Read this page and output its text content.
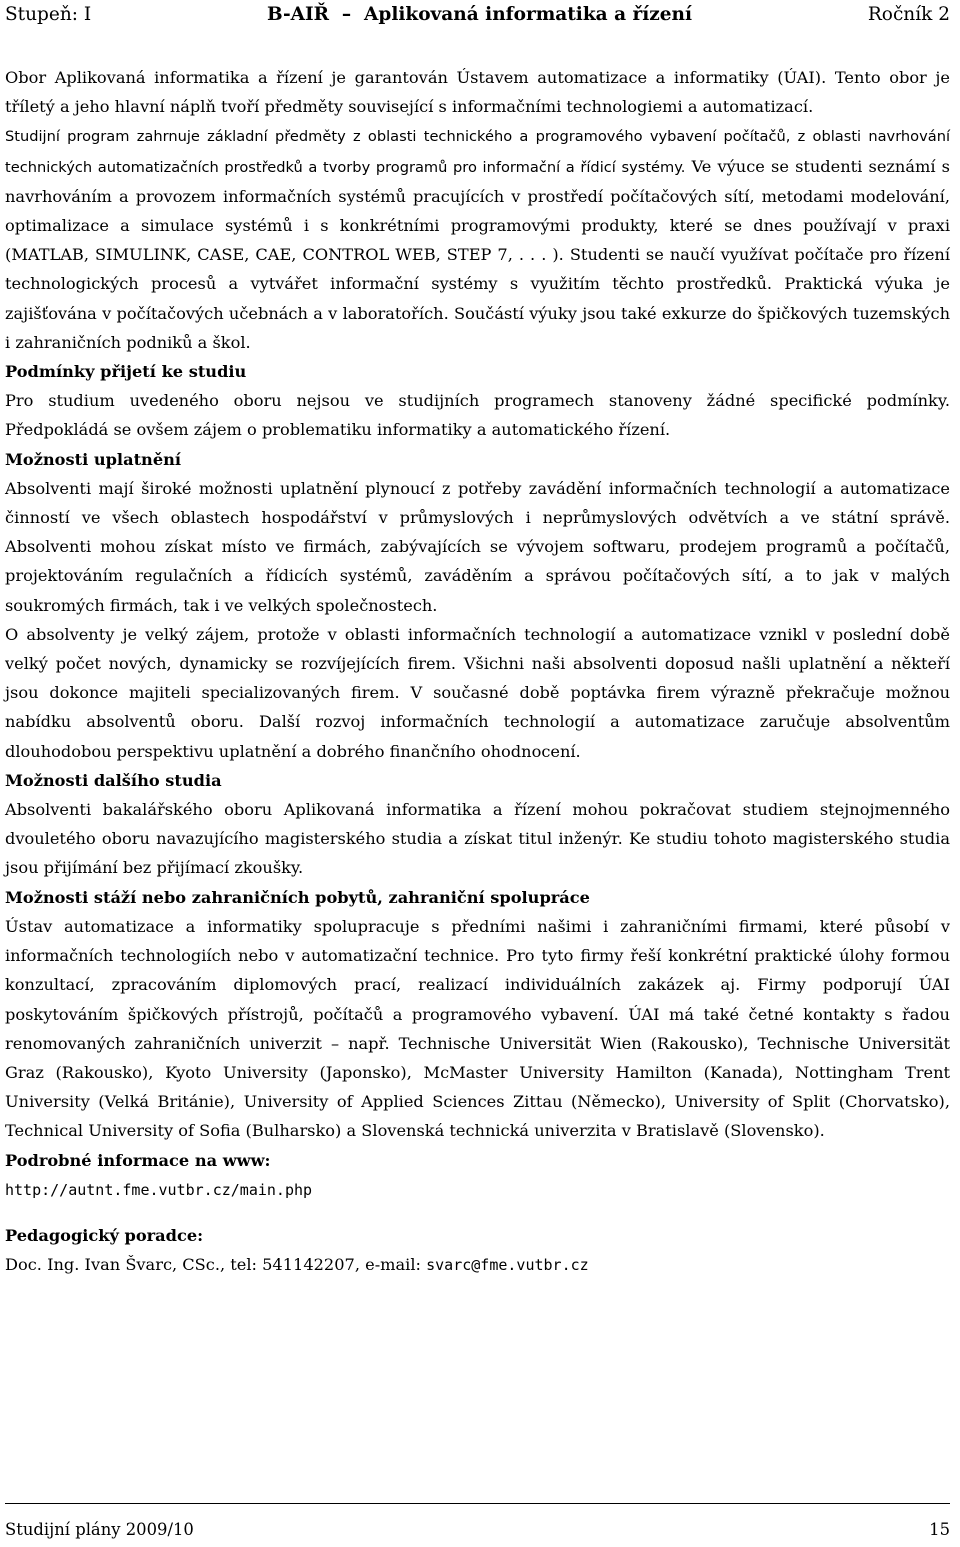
Stupeň: I	B-AIŘ  –  Aplikovaná informatika a řízení	Ročník 2

Obor Aplikovaná informatika a řízení je garantován Ústavem automatizace a informatiky (ÚAI). Tento obor je tříletý a jeho hlavní náplň tvoří předměty související s informačními technologiemi a automatizací.

Studijní program zahrnuje základní předměty z oblasti technického a programového vybavení počítačů, z oblasti navrhování technických automatizačních prostředků a tvorby programů pro informační a řídicí systémy. Ve výuce se studenti seznámí s navrhováním a provozem informačních systémů pracujících v prostředí počítačových sítí, metodami modelování, optimalizace a simulace systémů i s konkrétními programovými produkty, které se dnes používají v praxi (MATLAB, SIMULINK, CASE, CAE, CONTROL WEB, STEP 7, . . . ). Studenti se naučí využívat počítače pro řízení technologických procesů a vytvářet informační systémy s využitím těchto prostředků. Praktická výuka je zajišťována v počítačových učebnách a v laboratořích. Součástí výuky jsou také exkurze do špičkových tuzemských i zahraničních podniků a škol.

Podmínky přijetí ke studiu

Pro studium uvedeného oboru nejsou ve studijních programech stanoveny žádné specifické podmínky. Předpokládá se ovšem zájem o problematiku informatiky a automatického řízení.

Možnosti uplatnění

Absolventi mají široké možnosti uplatnění plynoucí z potřeby zavádění informačních technologií a automatizace činností ve všech oblastech hospodářství v průmyslových i neprůmyslových odvětvích a ve státní správě. Absolventi mohou získat místo ve firmách, zabývajících se vývojem softwaru, prodejem programů a počítačů, projektováním regulačních a řídicích systémů, zaváděním a správou počítačových sítí, a to jak v malých soukromých firmách, tak i ve velkých společnostech.

O absolventy je velký zájem, protože v oblasti informačních technologií a automatizace vznikl v poslední době velký počet nových, dynamicky se rozvíjejících firem. Všichni naši absolventi doposud našli uplatnění a někteří jsou dokonce majiteli specializovaných firem. V současné době poptávka firem výrazně překračuje možnou nabídku absolventů oboru. Další rozvoj informačních technologií a automatizace zaručuje absolventům dlouhodobou perspektivu uplatnění a dobrého finančního ohodnocení.

Možnosti dalšího studia

Absolventi bakalářského oboru Aplikovaná informatika a řízení mohou pokračovat studiem stejnojmenného dvouletého oboru navazujícího magisterského studia a získat titul inženýr. Ke studiu tohoto magisterského studia jsou přijímání bez přijímací zkoušky.

Možnosti stáží nebo zahraničních pobytů, zahraniční spolupráce

Ústav automatizace a informatiky spolupracuje s předními našimi i zahraničními firmami, které působí v informačních technologiích nebo v automatizační technice. Pro tyto firmy řeší konkrétní praktické úlohy formou konzultací, zpracováním diplomových prací, realizací individuálních zakázek aj. Firmy podporují ÚAI poskytováním špičkových přístrojů, počítačů a programového vybavení. ÚAI má také četné kontakty s řadou renomovaných zahraničních univerzit – např. Technische Universität Wien (Rakousko), Technische Universität Graz (Rakousko), Kyoto University (Japonsko), McMaster University Hamilton (Kanada), Nottingham Trent University (Velká Británie), University of Applied Sciences Zittau (Německo), University of Split (Chorvatsko), Technical University of Sofia (Bulharsko) a Slovenská technická univerzita v Bratislavě (Slovensko).

Podrobné informace na www:

http://autnt.fme.vutbr.cz/main.php

Pedagogický poradce:

Doc. Ing. Ivan Švarc, CSc., tel: 541142207, e-mail: svarc@fme.vutbr.cz

Studijní plány 2009/10	15
